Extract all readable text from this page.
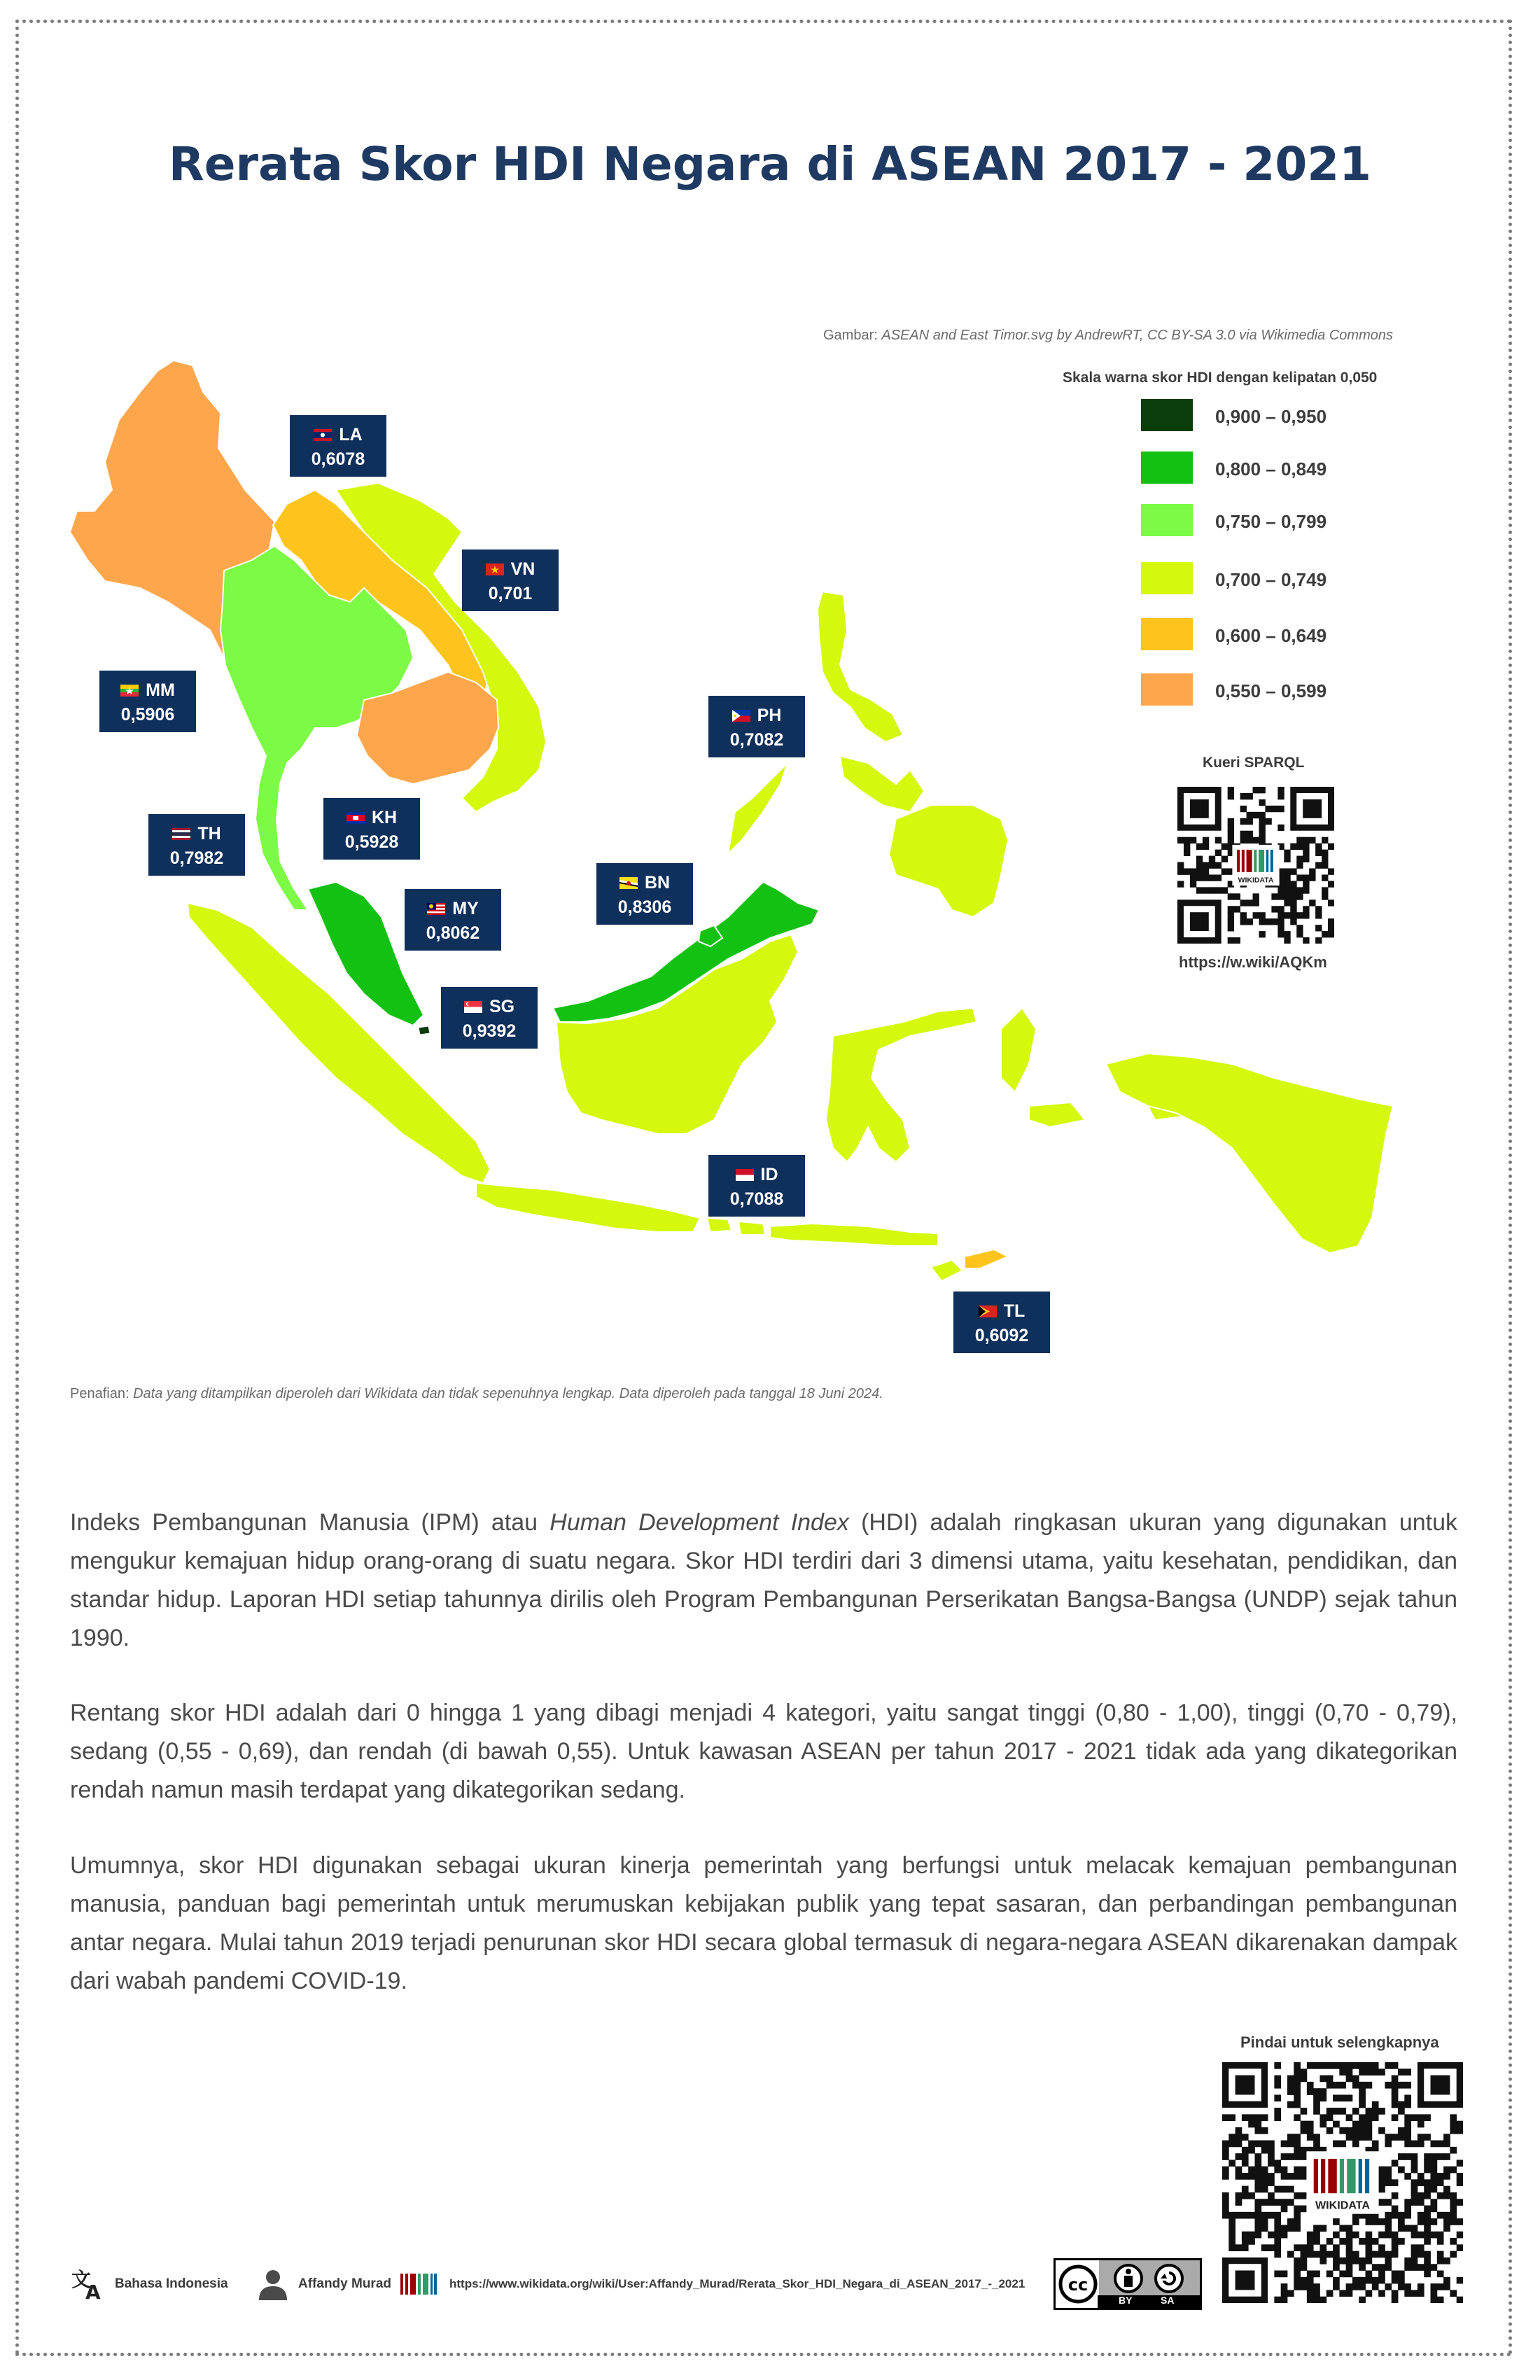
Rerata Skor HDI Negara di ASEAN 2017 - 2021
Gambar: ASEAN and East Timor.svg by AndrewRT, CC BY-SA 3.0 via Wikimedia Commons
Skala warna skor HDI dengan kelipatan 0,050
0,900 – 0,950
0,800 – 0,849
0,750 – 0,799
0,700 – 0,749
0,600 – 0,649
0,550 – 0,599
Kueri SPARQL
WIKIDATA
https://w.wiki/AQKm
LA
0,6078
VN
0,701
MM
0,5906	PH
0,7082
TH
0,7982
KH
0,5928
BN
0,8306
MY
0,8062
SG
0,9392
ID
0,7088
TL
0,6092
Penafian: Data yang ditampilkan diperoleh dari Wikidata dan tidak sepenuhnya lengkap. Data diperoleh pada tanggal 18 Juni 2024.

Indeks Pembangunan Manusia (IPM) atau Human Development Index (HDI) adalah ringkasan ukuran yang digunakan untuk mengukur kemajuan hidup orang-orang di suatu negara. Skor HDI terdiri dari 3 dimensi utama, yaitu kesehatan, pendidikan, dan standar hidup. Laporan HDI setiap tahunnya dirilis oleh Program Pembangunan Perserikatan Bangsa-Bangsa (UNDP) sejak tahun 1990.

Rentang skor HDI adalah dari 0 hingga 1 yang dibagi menjadi 4 kategori, yaitu sangat tinggi (0,80 - 1,00), tinggi (0,70 - 0,79), sedang (0,55 - 0,69), dan rendah (di bawah 0,55). Untuk kawasan ASEAN per tahun 2017 - 2021 tidak ada yang dikategorikan rendah namun masih terdapat yang dikategorikan sedang.

Umumnya, skor HDI digunakan sebagai ukuran kinerja pemerintah yang berfungsi untuk melacak kemajuan pembangunan manusia, panduan bagi pemerintah untuk merumuskan kebijakan publik yang tepat sasaran, dan perbandingan pembangunan antar negara. Mulai tahun 2019 terjadi penurunan skor HDI secara global termasuk di negara-negara ASEAN dikarenakan dampak dari wabah pandemi COVID-19.

Pindai untuk selengkapnya
WIKIDATA
文
A Bahasa Indonesia	Affandy Murad	https://www.wikidata.org/wiki/User:Affandy_Murad/Rerata_Skor_HDI_Negara_di_ASEAN_2017_-_2021	cc
BY	SA
